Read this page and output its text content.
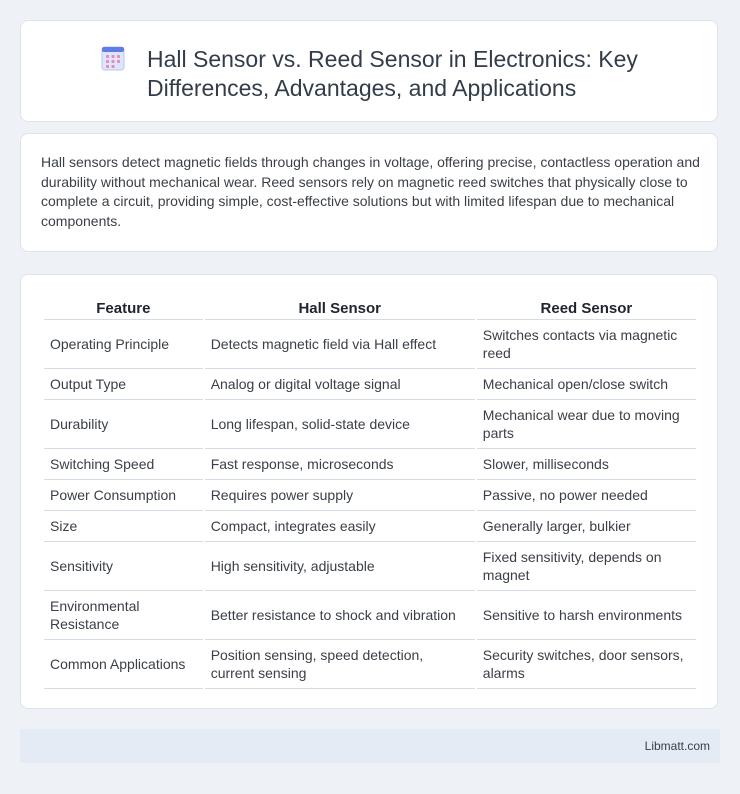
Hall Sensor vs. Reed Sensor in Electronics: Key Differences, Advantages, and Applications

Hall sensors detect magnetic fields through changes in voltage, offering precise, contactless operation and durability without mechanical wear. Reed sensors rely on magnetic reed switches that physically close to complete a circuit, providing simple, cost-effective solutions but with limited lifespan due to mechanical components.

Feature	Hall Sensor	Reed Sensor
Operating Principle	Detects magnetic field via Hall effect	Switches contacts via magnetic reed
Output Type	Analog or digital voltage signal	Mechanical open/close switch
Durability	Long lifespan, solid-state device	Mechanical wear due to moving parts
Switching Speed	Fast response, microseconds	Slower, milliseconds
Power Consumption	Requires power supply	Passive, no power needed
Size	Compact, integrates easily	Generally larger, bulkier
Sensitivity	High sensitivity, adjustable	Fixed sensitivity, depends on magnet
Environmental Resistance	Better resistance to shock and vibration	Sensitive to harsh environments
Common Applications	Position sensing, speed detection, current sensing	Security switches, door sensors, alarms
Libmatt.com
